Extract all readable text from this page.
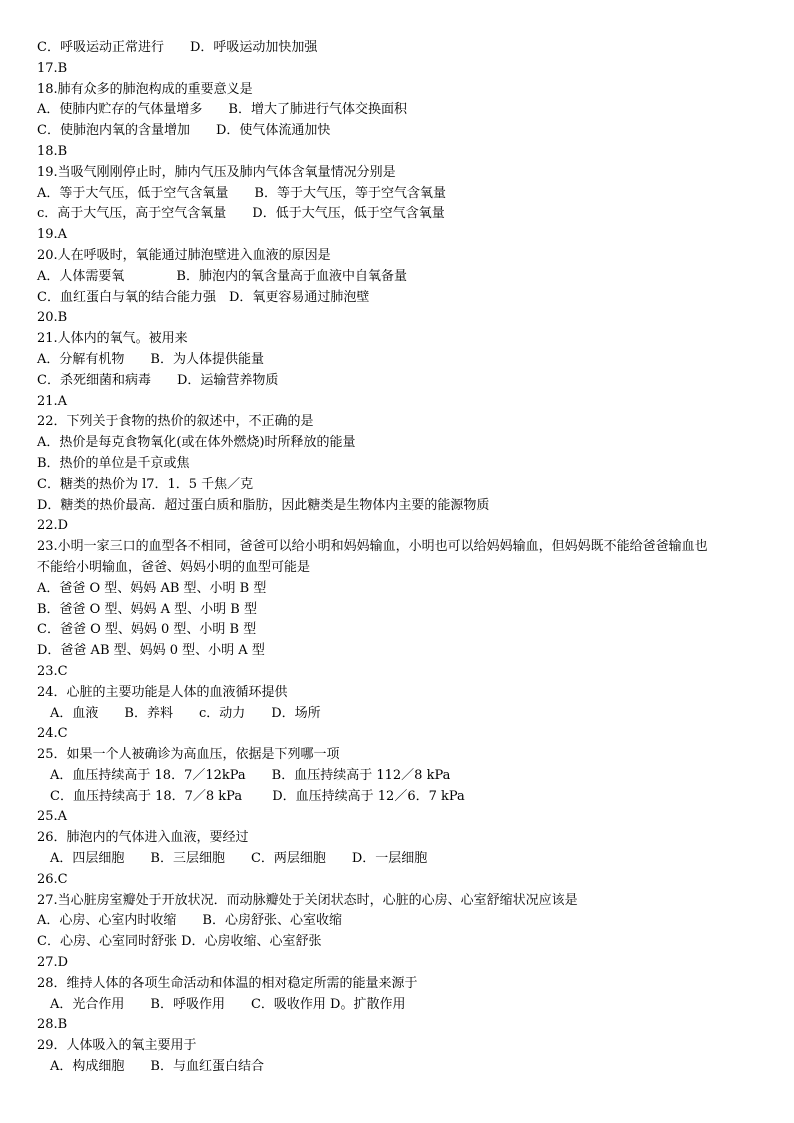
C．呼吸运动正常进行　　D．呼吸运动加快加强
17.B
18.肺有众多的肺泡构成的重要意义是
A．使肺内贮存的气体量增多　　B．增大了肺进行气体交换面积
C．使肺泡内氧的含量增加　　D．使气体流通加快
18.B
19.当吸气刚刚停止时，肺内气压及肺内气体含氧量情况分别是
A．等于大气压，低于空气含氧量　　B．等于大气压，等于空气含氧量
c．高于大气压，高于空气含氧量　　D．低于大气压，低于空气含氧量
19.A
20.人在呼吸时，氧能通过肺泡壁进入血液的原因是
A．人体需要氧　　　　B．肺泡内的氧含量高于血液中自氧备量
C．血红蛋白与氧的结合能力强　D．氧更容易通过肺泡壁
20.B
21.人体内的氧气。被用来
A．分解有机物　　B．为人体提供能量
C．杀死细菌和病毒　　D．运输营养物质
21.A
22．下列关于食物的热价的叙述中，不正确的是
A．热价是每克食物氧化(或在体外燃烧)时所释放的能量
B．热价的单位是千京或焦
C．糖类的热价为 l7．1．5 千焦／克
D．糖类的热价最高．超过蛋白质和脂肪，因此糖类是生物体内主要的能源物质
22.D
23.小明一家三口的血型各不相同，爸爸可以给小明和妈妈输血，小明也可以给妈妈输血，但妈妈既不能给爸爸输血也
不能给小明输血，爸爸、妈妈小明的血型可能是
A．爸爸 O 型、妈妈 AB 型、小明 B 型
B．爸爸 O 型、妈妈 A 型、小明 B 型
C．爸爸 O 型、妈妈 0 型、小明 B 型
D．爸爸 AB 型、妈妈 0 型、小明 A 型
23.C
24．心脏的主要功能是人体的血液循环提供
　A．血液　　B．养料　　c．动力　　D．场所
24.C
25．如果一个人被确诊为高血压，依据是下列哪一项
　A．血压持续高于 18．7／12kPa　　B．血压持续高于 112／8 kPa
　C．血压持续高于 18．7／8 kPa　　 D．血压持续高于 12／6．7 kPa
25.A
26．肺泡内的气体进入血液，要经过
　A．四层细胞　　B．三层细胞　　C．两层细胞　　D．一层细胞
26.C
27.当心脏房室瓣处于开放状况．而动脉瓣处于关闭状态时，心脏的心房、心室舒缩状况应该是
A．心房、心室内时收缩　　B．心房舒张、心室收缩
C．心房、心室同时舒张 D．心房收缩、心室舒张
27.D
28．维持人体的各项生命活动和体温的相对稳定所需的能量来源于
　A．光合作用　　B．呼吸作用　　C．吸收作用 D。扩散作用
28.B
29．人体吸入的氧主要用于
　A．构成细胞　　B．与血红蛋白结合
